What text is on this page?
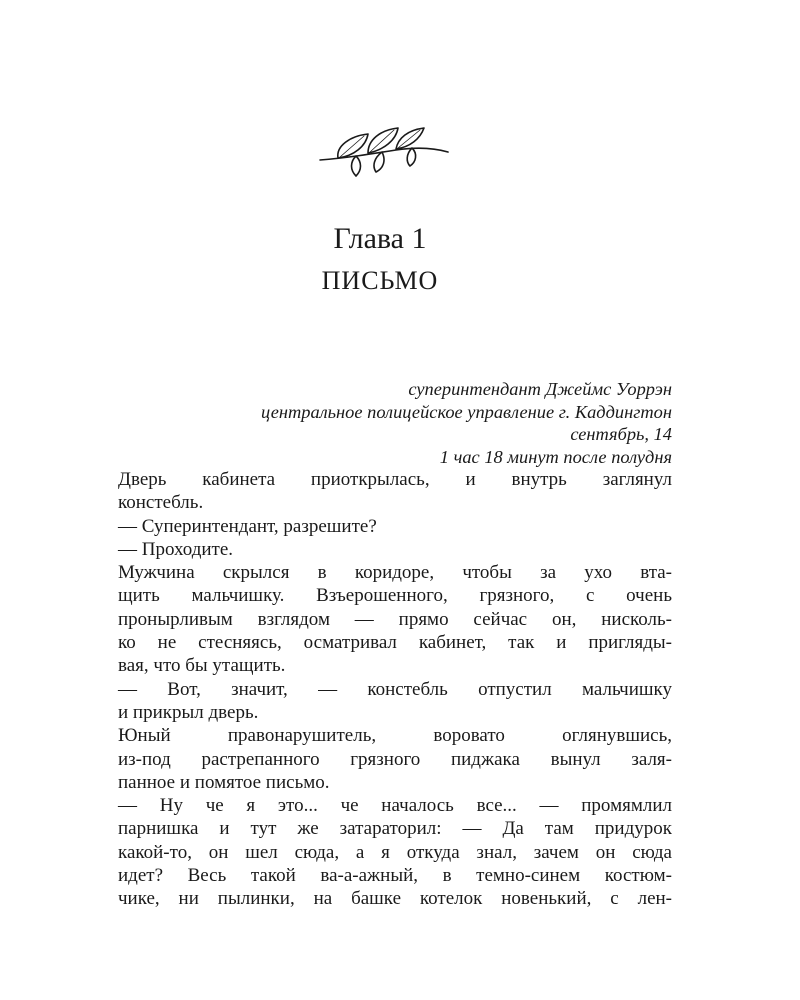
Глава 1
ПИСЬМО
суперинтендант Джеймс Уоррэн
центральное полицейское управление г. Каддингтон
сентябрь, 14
1 час 18 минут после полудня
Дверь кабинета приоткрылась, и внутрь заглянул
констебль.
— Суперинтендант, разрешите?
— Проходите.
Мужчина скрылся в коридоре, чтобы за ухо вта-
щить мальчишку. Взъерошенного, грязного, с очень
пронырливым взглядом — прямо сейчас он, нисколь-
ко не стесняясь, осматривал кабинет, так и пригляды-
вая, что бы утащить.
— Вот, значит, — констебль отпустил мальчишку
и прикрыл дверь.
Юный правонарушитель, воровато оглянувшись,
из-под растрепанного грязного пиджака вынул заля-
панное и помятое письмо.
— Ну че я это... че началось все... — промямлил
парнишка и тут же затараторил: — Да там придурок
какой-то, он шел сюда, а я откуда знал, зачем он сюда
идет? Весь такой ва-а-ажный, в темно-синем костюм-
чике, ни пылинки, на башке котелок новенький, с лен-
